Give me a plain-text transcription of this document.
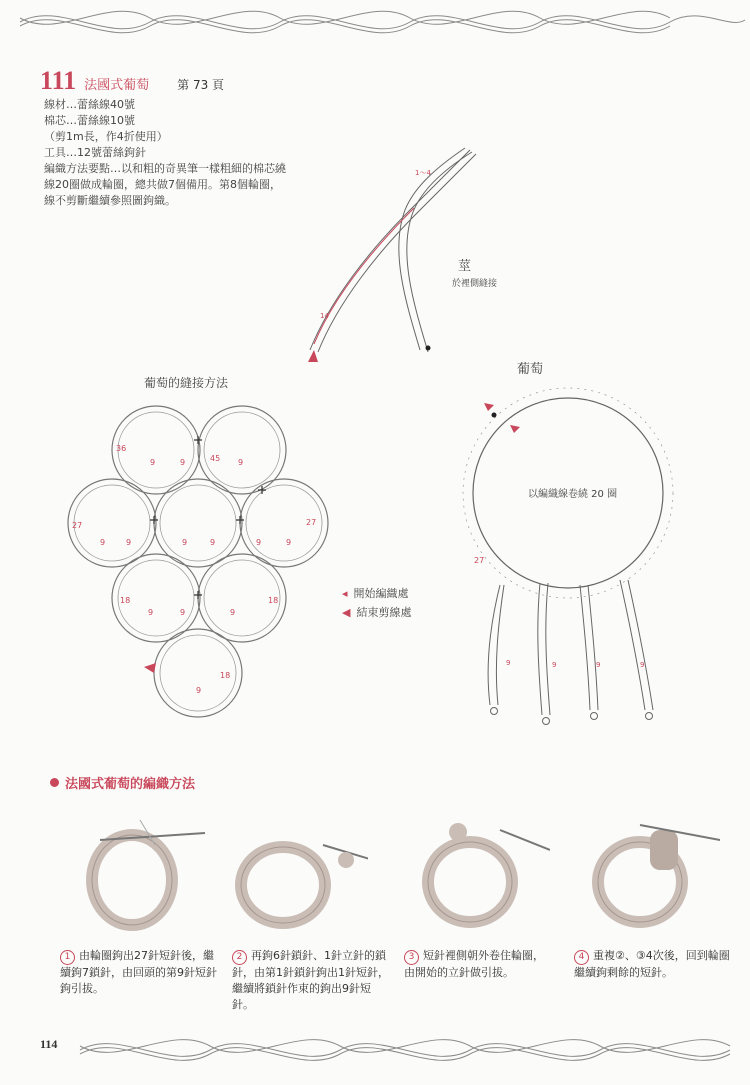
111 法國式葡萄 第 73 頁
線材…蕾絲線40號
棉芯…蕾絲線10號
（剪1m長，作4折使用）
工具…12號蕾絲鉤針
編織方法要點…以和粗的奇異筆一樣粗細的棉芯繞線20圈做成輪圈，總共做7個備用。第8個輪圈，線不剪斷繼續參照圖鉤織。
14
1〜4
莖
於裡側縫接
葡萄的縫接方法
36
45
27	27
18	18
18
9	9	9
9	9	9	9	9	9
9	9	9
9
◂ 開始編織處
◀ 結束剪線處
葡萄
27
9	9	9	9
以編織線卷繞 20 圈
法國式葡萄的編織方法
1 由輪圈鉤出27針短針後，繼續鉤7鎖針，由回頭的第9針短針鉤引拔。
2 再鉤6針鎖針、1針立針的鎖針，由第1針鎖針鉤出1針短針，繼續將鎖針作束的鉤出9針短針。
3 短針裡側朝外卷住輪圈，由開始的立針做引拔。
4 重複②、③4次後，回到輪圈繼續鉤剩餘的短針。
114
